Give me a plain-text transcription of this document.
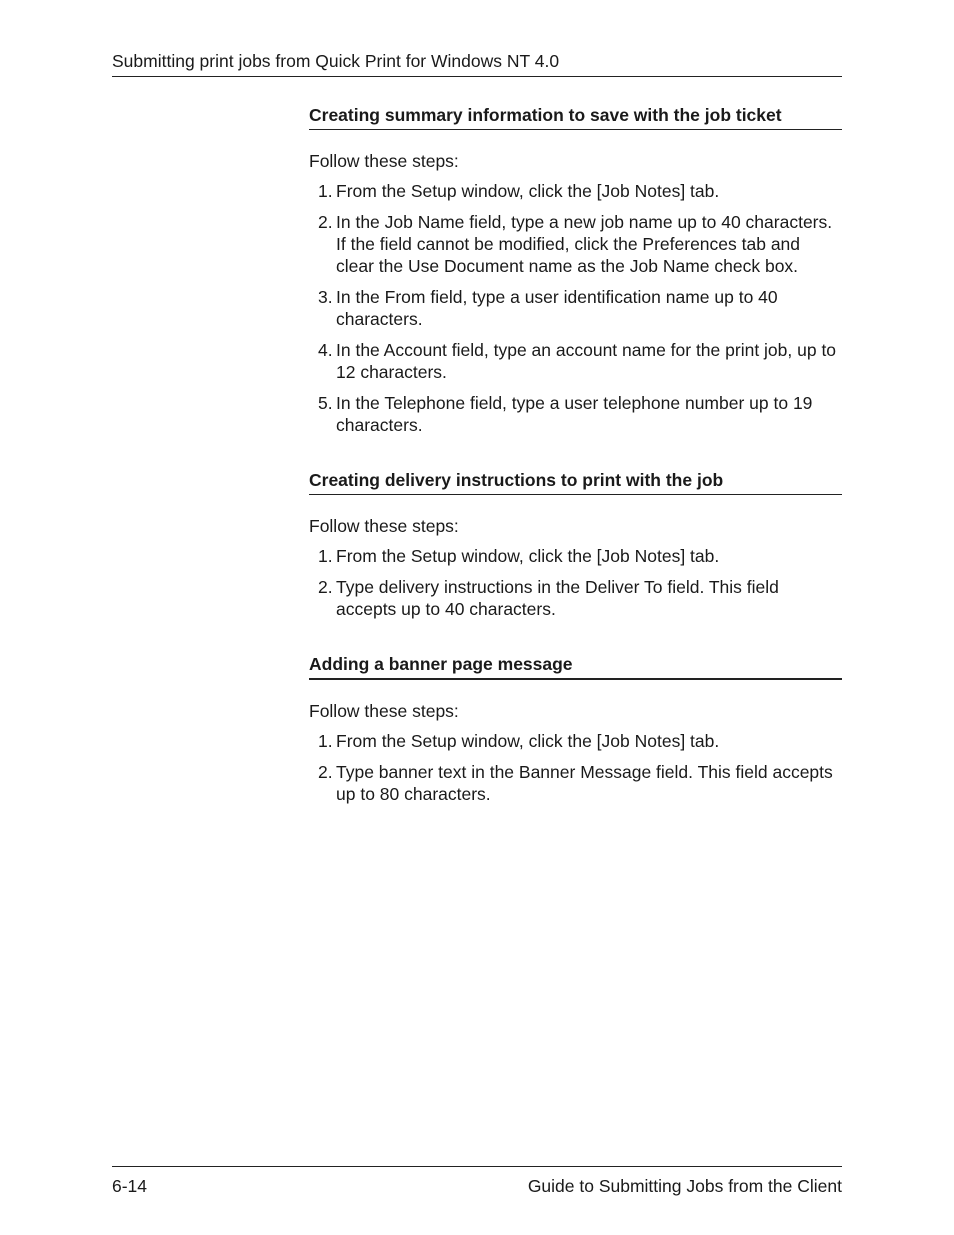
Submitting print jobs from Quick Print for Windows NT 4.0
Creating summary information to save with the job ticket

Follow these steps:

1. From the Setup window, click the [Job Notes] tab.
2. In the Job Name field, type a new job name up to 40 characters. If the field cannot be modified, click the Preferences tab and clear the Use Document name as the Job Name check box.
3. In the From field, type a user identification name up to 40 characters.
4. In the Account field, type an account name for the print job, up to 12 characters.
5. In the Telephone field, type a user telephone number up to 19 characters.
Creating delivery instructions to print with the job

Follow these steps:

1. From the Setup window, click the [Job Notes] tab.
2. Type delivery instructions in the Deliver To field. This field accepts up to 40 characters.
Adding a banner page message

Follow these steps:

1. From the Setup window, click the [Job Notes] tab.
2. Type banner text in the Banner Message field. This field accepts up to 80 characters.
6-14	Guide to Submitting Jobs from the Client
